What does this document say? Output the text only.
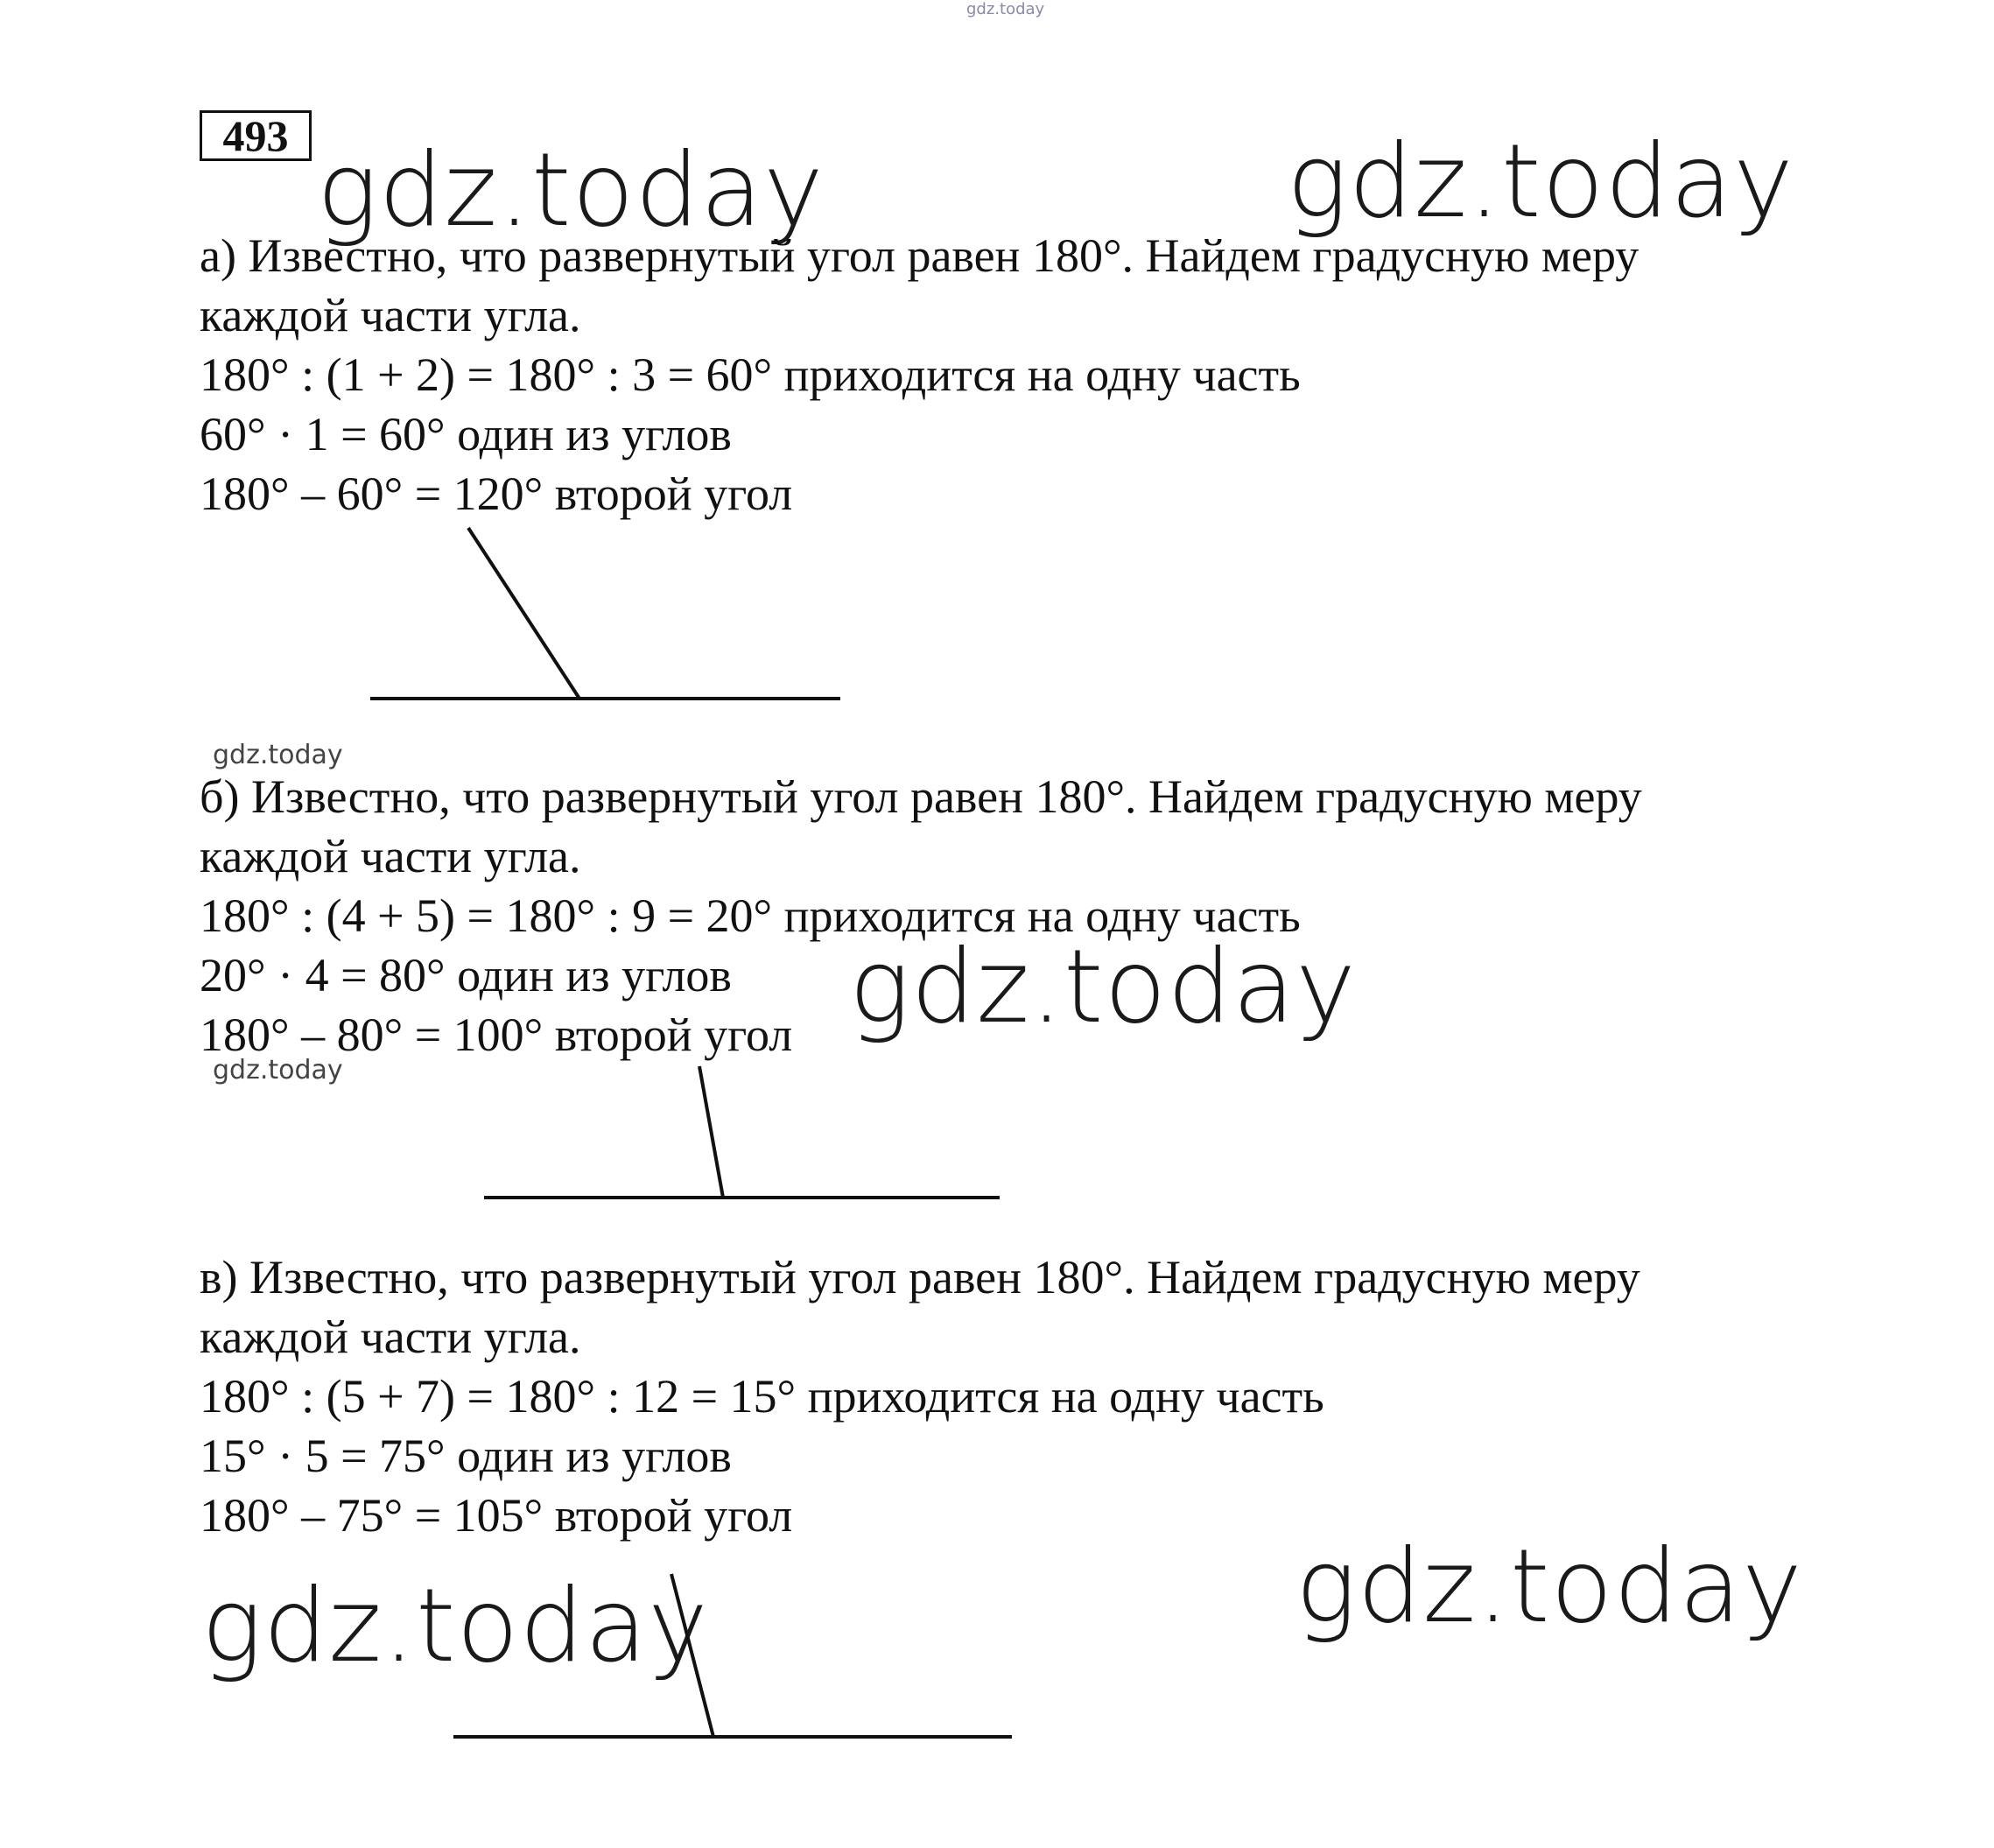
gdz.today
gdz.today	gdz.today
gdz.today
gdz.today
gdz.today
gdz.today
gdz.today
493
а) Известно, что развернутый угол равен 180°. Найдем градусную меру
каждой части угла.
180° : (1 + 2) = 180° : 3 = 60° приходится на одну часть
60° · 1 = 60° один из углов
180° – 60° = 120° второй угол
б) Известно, что развернутый угол равен 180°. Найдем градусную меру
каждой части угла.
180° : (4 + 5) = 180° : 9 = 20° приходится на одну часть
20° · 4 = 80° один из углов
180° – 80° = 100° второй угол
в) Известно, что развернутый угол равен 180°. Найдем градусную меру
каждой части угла.
180° : (5 + 7) = 180° : 12 = 15° приходится на одну часть
15° · 5 = 75° один из углов
180° – 75° = 105° второй угол
